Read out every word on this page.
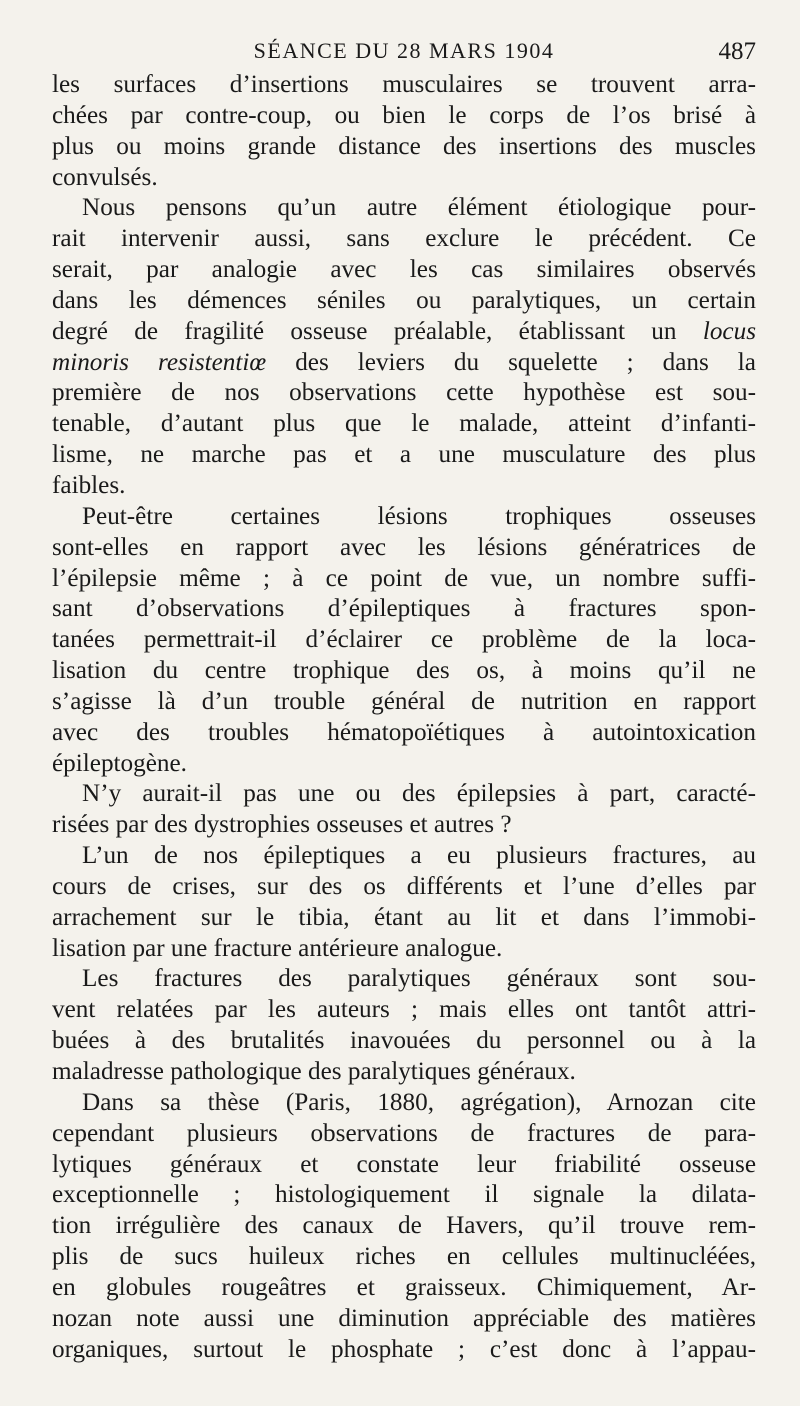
SÉANCE DU 28 MARS 1904	487
les surfaces d’insertions musculaires se trouvent arra-
chées par contre-coup, ou bien le corps de l’os brisé à
plus ou moins grande distance des insertions des muscles
convulsés.
Nous pensons qu’un autre élément étiologique pour-
rait intervenir aussi, sans exclure le précédent. Ce
serait, par analogie avec les cas similaires observés
dans les démences séniles ou paralytiques, un certain
degré de fragilité osseuse préalable, établissant un locus
minoris resistentiœ des leviers du squelette ; dans la
première de nos observations cette hypothèse est sou-
tenable, d’autant plus que le malade, atteint d’infanti-
lisme, ne marche pas et a une musculature des plus
faibles.
Peut-être certaines lésions trophiques osseuses
sont-elles en rapport avec les lésions génératrices de
l’épilepsie même ; à ce point de vue, un nombre suffi-
sant d’observations d’épileptiques à fractures spon-
tanées permettrait-il d’éclairer ce problème de la loca-
lisation du centre trophique des os, à moins qu’il ne
s’agisse là d’un trouble général de nutrition en rapport
avec des troubles hématopoïétiques à autointoxication
épileptogène.
N’y aurait-il pas une ou des épilepsies à part, caracté-
risées par des dystrophies osseuses et autres ?
L’un de nos épileptiques a eu plusieurs fractures, au
cours de crises, sur des os différents et l’une d’elles par
arrachement sur le tibia, étant au lit et dans l’immobi-
lisation par une fracture antérieure analogue.
Les fractures des paralytiques généraux sont sou-
vent relatées par les auteurs ; mais elles ont tantôt attri-
buées à des brutalités inavouées du personnel ou à la
maladresse pathologique des paralytiques généraux.
Dans sa thèse (Paris, 1880, agrégation), Arnozan cite
cependant plusieurs observations de fractures de para-
lytiques généraux et constate leur friabilité osseuse
exceptionnelle ; histologiquement il signale la dilata-
tion irrégulière des canaux de Havers, qu’il trouve rem-
plis de sucs huileux riches en cellules multinucléées,
en globules rougeâtres et graisseux. Chimiquement, Ar-
nozan note aussi une diminution appréciable des matières
organiques, surtout le phosphate ; c’est donc à l’appau-
